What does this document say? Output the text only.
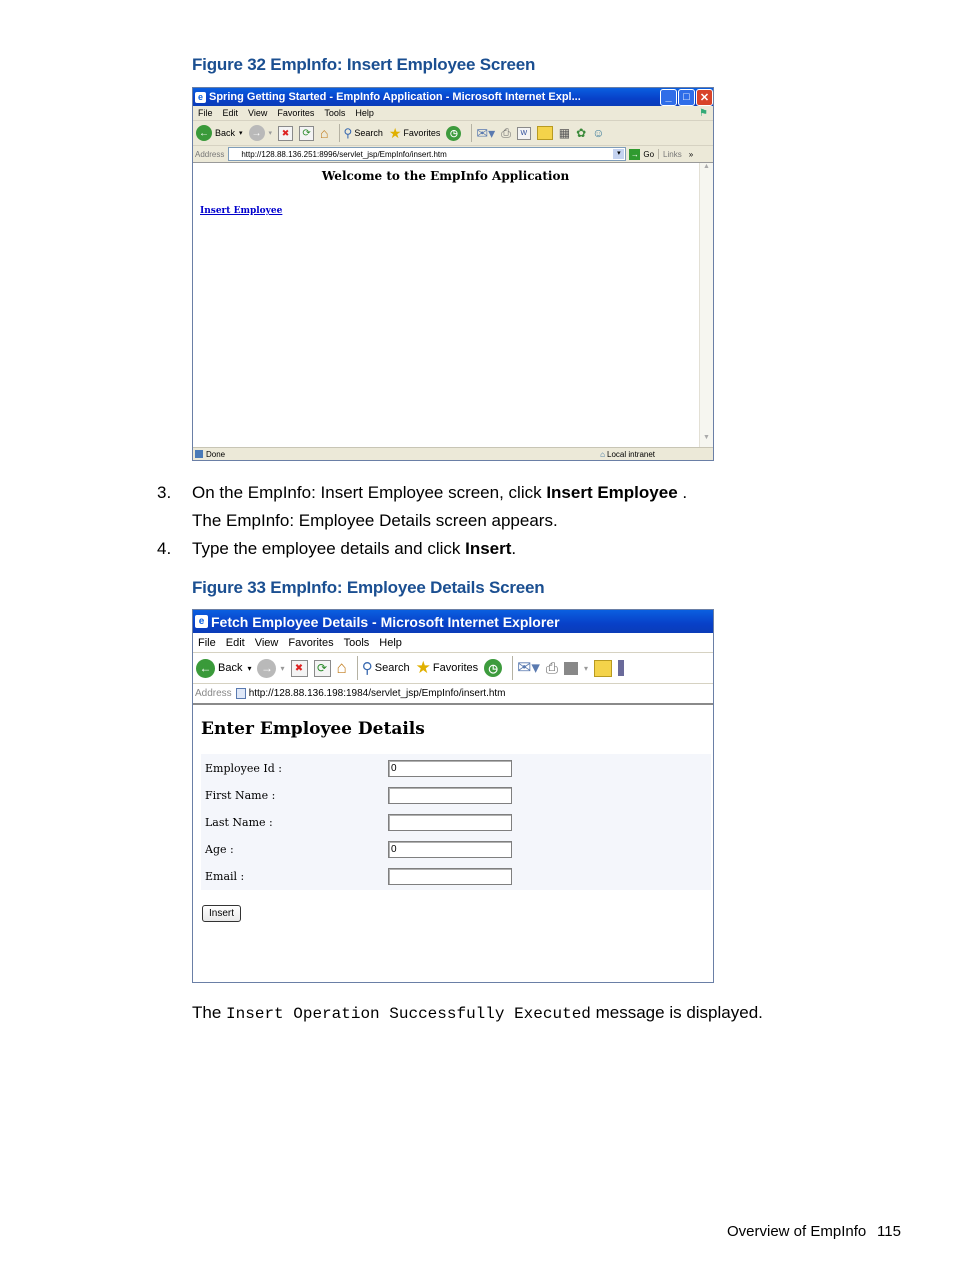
Figure 32 EmpInfo: Insert Employee Screen
e Spring Getting Started - EmpInfo Application - Microsoft Internet Expl...	_	□ ✕
File Edit View Favorites Tools Help	⚑
← Back ▾ →	▾	✖	⟳ ⌂ ⚲ Search ★ Favorites	◷ ✉▾ ⎙	W	▦ ✿ ☺
Address http://128.88.136.251:8996/servlet_jsp/EmpInfo/insert.htm	▾	→ Go Links »
Welcome to the EmpInfo Application
Insert Employee
▲
▼
Done	⌂ Local intranet
3. On the EmpInfo: Insert Employee screen, click Insert Employee .
The EmpInfo: Employee Details screen appears.
4. Type the employee details and click Insert.
Figure 33 EmpInfo: Employee Details Screen
e Fetch Employee Details - Microsoft Internet Explorer
File Edit View Favorites Tools Help
← Back ▾ → ▾	✖	⟳ ⌂ ⚲ Search ★ Favorites ◷ ✉▾ ⎙	▾
Address http://128.88.136.198:1984/servlet_jsp/EmpInfo/insert.htm
Enter Employee Details
Employee Id :	0
First Name :
Last Name :
Age :	0
Email :
Insert
The Insert Operation Successfully Executed message is displayed.
Overview of EmpInfo 115
